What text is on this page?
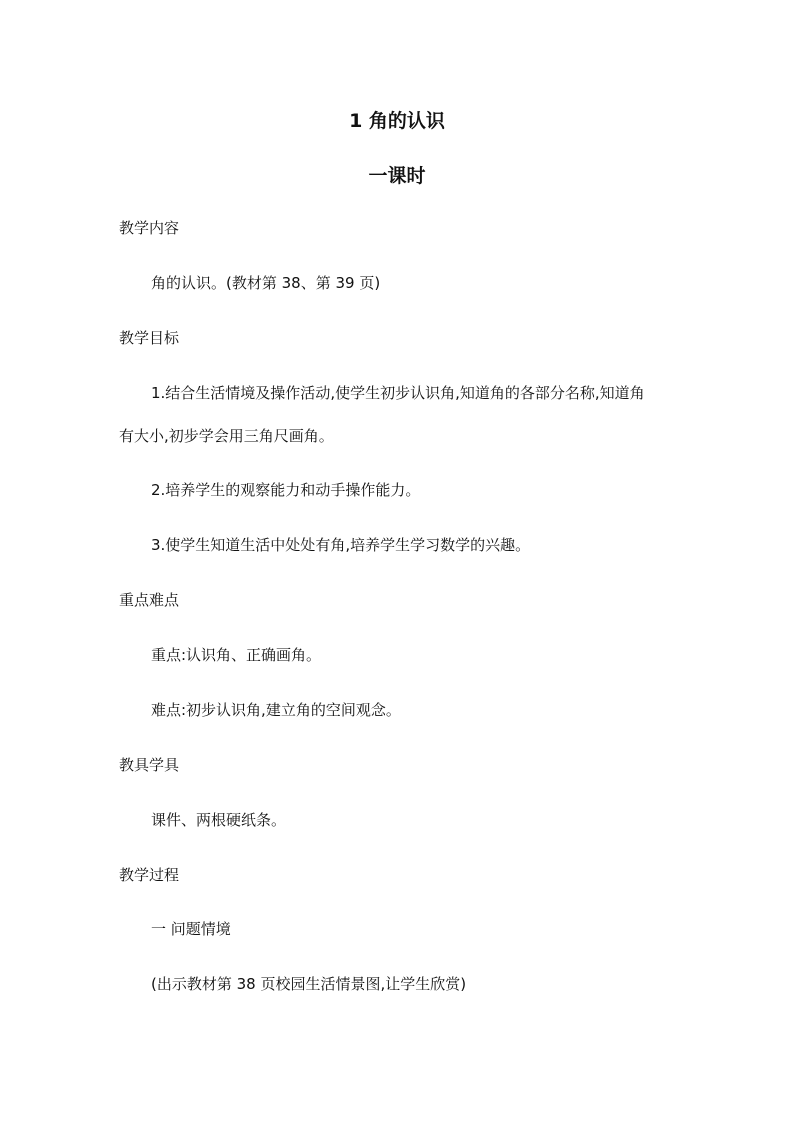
1 角的认识
一课时
教学内容
角的认识。(教材第 38、第 39 页)
教学目标
1.结合生活情境及操作活动,使学生初步认识角,知道角的各部分名称,知道角
有大小,初步学会用三角尺画角。
2.培养学生的观察能力和动手操作能力。
3.使学生知道生活中处处有角,培养学生学习数学的兴趣。
重点难点
重点:认识角、正确画角。
难点:初步认识角,建立角的空间观念。
教具学具
课件、两根硬纸条。
教学过程
一 问题情境
(出示教材第 38 页校园生活情景图,让学生欣赏)
